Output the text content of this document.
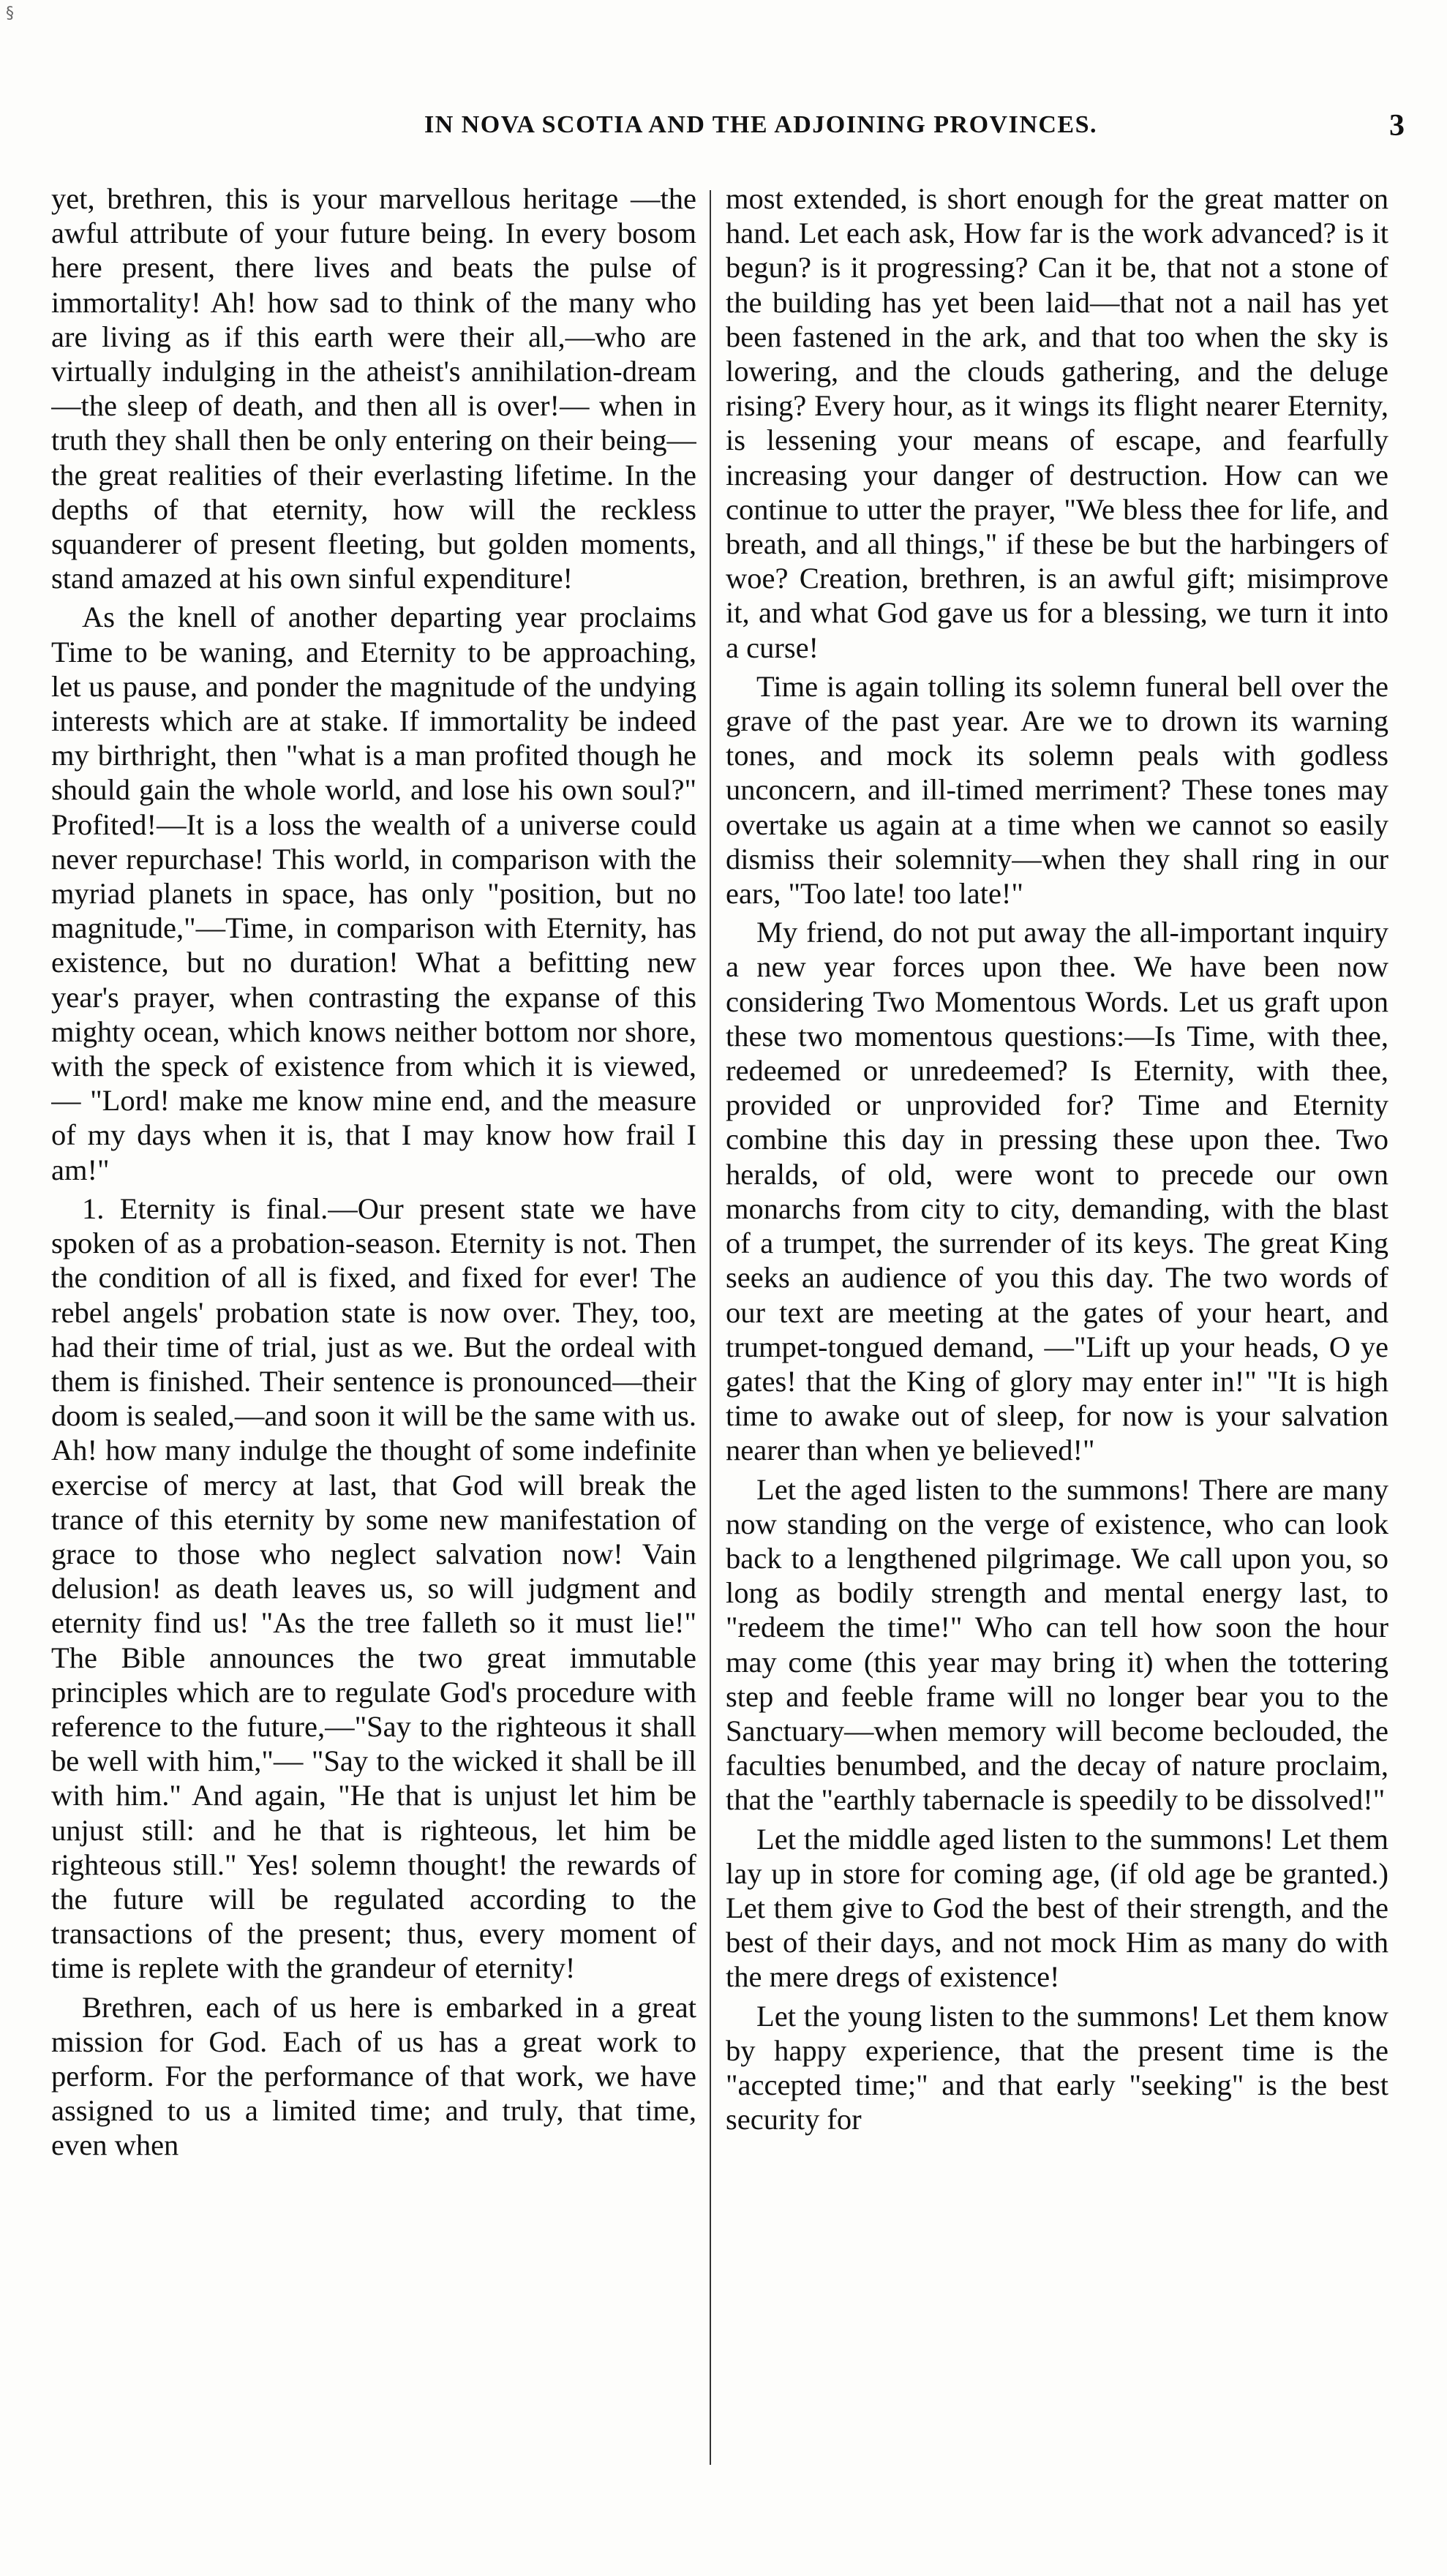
§
IN NOVA SCOTIA AND THE ADJOINING PROVINCES.	3

yet, brethren, this is your marvellous heritage —the awful attribute of your future being. In every bosom here present, there lives and beats the pulse of immortality! Ah! how sad to think of the many who are living as if this earth were their all,—who are virtually indulging in the atheist's annihilation-dream —the sleep of death, and then all is over!— when in truth they shall then be only entering on their being—the great realities of their everlasting lifetime. In the depths of that eternity, how will the reckless squanderer of present fleeting, but golden moments, stand amazed at his own sinful expenditure!

As the knell of another departing year proclaims Time to be waning, and Eternity to be approaching, let us pause, and ponder the magnitude of the undying interests which are at stake. If immortality be indeed my birthright, then "what is a man profited though he should gain the whole world, and lose his own soul?" Profited!—It is a loss the wealth of a universe could never repurchase! This world, in comparison with the myriad planets in space, has only "position, but no magnitude,"—Time, in comparison with Eternity, has existence, but no duration! What a befitting new year's prayer, when contrasting the expanse of this mighty ocean, which knows neither bottom nor shore, with the speck of existence from which it is viewed,— "Lord! make me know mine end, and the measure of my days when it is, that I may know how frail I am!"

1. Eternity is final.—Our present state we have spoken of as a probation-season. Eternity is not. Then the condition of all is fixed, and fixed for ever! The rebel angels' probation state is now over. They, too, had their time of trial, just as we. But the ordeal with them is finished. Their sentence is pronounced—their doom is sealed,—and soon it will be the same with us. Ah! how many indulge the thought of some indefinite exercise of mercy at last, that God will break the trance of this eternity by some new manifestation of grace to those who neglect salvation now! Vain delusion! as death leaves us, so will judgment and eternity find us! "As the tree falleth so it must lie!" The Bible announces the two great immutable principles which are to regulate God's procedure with reference to the future,—"Say to the righteous it shall be well with him,"— "Say to the wicked it shall be ill with him." And again, "He that is unjust let him be unjust still: and he that is righteous, let him be righteous still." Yes! solemn thought! the rewards of the future will be regulated according to the transactions of the present; thus, every moment of time is replete with the grandeur of eternity!

Brethren, each of us here is embarked in a great mission for God. Each of us has a great work to perform. For the performance of that work, we have assigned to us a limited time; and truly, that time, even when

most extended, is short enough for the great matter on hand. Let each ask, How far is the work advanced? is it begun? is it progressing? Can it be, that not a stone of the building has yet been laid—that not a nail has yet been fastened in the ark, and that too when the sky is lowering, and the clouds gathering, and the deluge rising? Every hour, as it wings its flight nearer Eternity, is lessening your means of escape, and fearfully increasing your danger of destruction. How can we continue to utter the prayer, "We bless thee for life, and breath, and all things," if these be but the harbingers of woe? Creation, brethren, is an awful gift; misimprove it, and what God gave us for a blessing, we turn it into a curse!

Time is again tolling its solemn funeral bell over the grave of the past year. Are we to drown its warning tones, and mock its solemn peals with godless unconcern, and ill-timed merriment? These tones may overtake us again at a time when we cannot so easily dismiss their solemnity—when they shall ring in our ears, "Too late! too late!"

My friend, do not put away the all-important inquiry a new year forces upon thee. We have been now considering Two Momentous Words. Let us graft upon these two momentous questions:—Is Time, with thee, redeemed or unredeemed? Is Eternity, with thee, provided or unprovided for? Time and Eternity combine this day in pressing these upon thee. Two heralds, of old, were wont to precede our own monarchs from city to city, demanding, with the blast of a trumpet, the surrender of its keys. The great King seeks an audience of you this day. The two words of our text are meeting at the gates of your heart, and trumpet-tongued demand, —"Lift up your heads, O ye gates! that the King of glory may enter in!" "It is high time to awake out of sleep, for now is your salvation nearer than when ye believed!"

Let the aged listen to the summons! There are many now standing on the verge of existence, who can look back to a lengthened pilgrimage. We call upon you, so long as bodily strength and mental energy last, to "redeem the time!" Who can tell how soon the hour may come (this year may bring it) when the tottering step and feeble frame will no longer bear you to the Sanctuary—when memory will become beclouded, the faculties benumbed, and the decay of nature proclaim, that the "earthly tabernacle is speedily to be dissolved!"

Let the middle aged listen to the summons! Let them lay up in store for coming age, (if old age be granted.) Let them give to God the best of their strength, and the best of their days, and not mock Him as many do with the mere dregs of existence!

Let the young listen to the summons! Let them know by happy experience, that the present time is the "accepted time;" and that early "seeking" is the best security for
